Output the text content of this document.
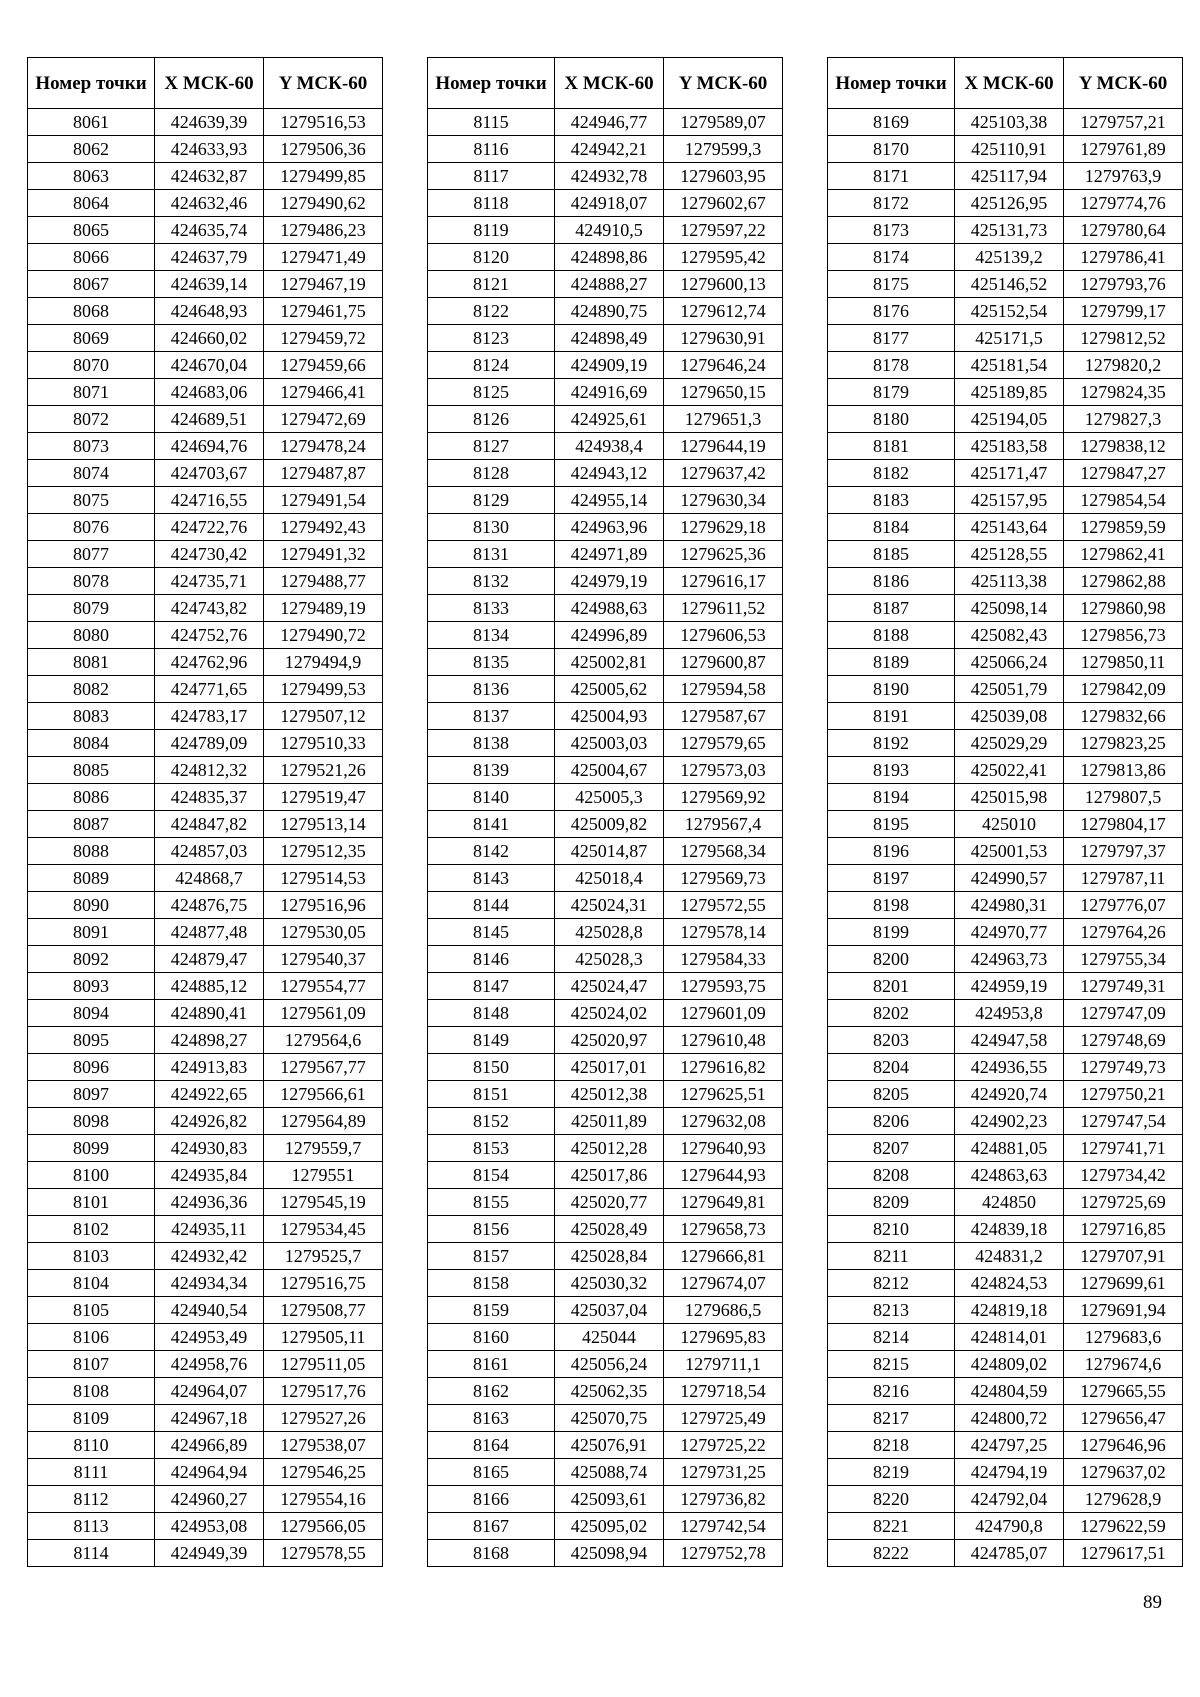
Номер точки	X МСК-60	Y МСК-60
8061	424639,39	1279516,53
8062	424633,93	1279506,36
8063	424632,87	1279499,85
8064	424632,46	1279490,62
8065	424635,74	1279486,23
8066	424637,79	1279471,49
8067	424639,14	1279467,19
8068	424648,93	1279461,75
8069	424660,02	1279459,72
8070	424670,04	1279459,66
8071	424683,06	1279466,41
8072	424689,51	1279472,69
8073	424694,76	1279478,24
8074	424703,67	1279487,87
8075	424716,55	1279491,54
8076	424722,76	1279492,43
8077	424730,42	1279491,32
8078	424735,71	1279488,77
8079	424743,82	1279489,19
8080	424752,76	1279490,72
8081	424762,96	1279494,9
8082	424771,65	1279499,53
8083	424783,17	1279507,12
8084	424789,09	1279510,33
8085	424812,32	1279521,26
8086	424835,37	1279519,47
8087	424847,82	1279513,14
8088	424857,03	1279512,35
8089	424868,7	1279514,53
8090	424876,75	1279516,96
8091	424877,48	1279530,05
8092	424879,47	1279540,37
8093	424885,12	1279554,77
8094	424890,41	1279561,09
8095	424898,27	1279564,6
8096	424913,83	1279567,77
8097	424922,65	1279566,61
8098	424926,82	1279564,89
8099	424930,83	1279559,7
8100	424935,84	1279551
8101	424936,36	1279545,19
8102	424935,11	1279534,45
8103	424932,42	1279525,7
8104	424934,34	1279516,75
8105	424940,54	1279508,77
8106	424953,49	1279505,11
8107	424958,76	1279511,05
8108	424964,07	1279517,76
8109	424967,18	1279527,26
8110	424966,89	1279538,07
8111	424964,94	1279546,25
8112	424960,27	1279554,16
8113	424953,08	1279566,05
8114	424949,39	1279578,55
Номер точки	X МСК-60	Y МСК-60
8115	424946,77	1279589,07
8116	424942,21	1279599,3
8117	424932,78	1279603,95
8118	424918,07	1279602,67
8119	424910,5	1279597,22
8120	424898,86	1279595,42
8121	424888,27	1279600,13
8122	424890,75	1279612,74
8123	424898,49	1279630,91
8124	424909,19	1279646,24
8125	424916,69	1279650,15
8126	424925,61	1279651,3
8127	424938,4	1279644,19
8128	424943,12	1279637,42
8129	424955,14	1279630,34
8130	424963,96	1279629,18
8131	424971,89	1279625,36
8132	424979,19	1279616,17
8133	424988,63	1279611,52
8134	424996,89	1279606,53
8135	425002,81	1279600,87
8136	425005,62	1279594,58
8137	425004,93	1279587,67
8138	425003,03	1279579,65
8139	425004,67	1279573,03
8140	425005,3	1279569,92
8141	425009,82	1279567,4
8142	425014,87	1279568,34
8143	425018,4	1279569,73
8144	425024,31	1279572,55
8145	425028,8	1279578,14
8146	425028,3	1279584,33
8147	425024,47	1279593,75
8148	425024,02	1279601,09
8149	425020,97	1279610,48
8150	425017,01	1279616,82
8151	425012,38	1279625,51
8152	425011,89	1279632,08
8153	425012,28	1279640,93
8154	425017,86	1279644,93
8155	425020,77	1279649,81
8156	425028,49	1279658,73
8157	425028,84	1279666,81
8158	425030,32	1279674,07
8159	425037,04	1279686,5
8160	425044	1279695,83
8161	425056,24	1279711,1
8162	425062,35	1279718,54
8163	425070,75	1279725,49
8164	425076,91	1279725,22
8165	425088,74	1279731,25
8166	425093,61	1279736,82
8167	425095,02	1279742,54
8168	425098,94	1279752,78
Номер точки	X МСК-60	Y МСК-60
8169	425103,38	1279757,21
8170	425110,91	1279761,89
8171	425117,94	1279763,9
8172	425126,95	1279774,76
8173	425131,73	1279780,64
8174	425139,2	1279786,41
8175	425146,52	1279793,76
8176	425152,54	1279799,17
8177	425171,5	1279812,52
8178	425181,54	1279820,2
8179	425189,85	1279824,35
8180	425194,05	1279827,3
8181	425183,58	1279838,12
8182	425171,47	1279847,27
8183	425157,95	1279854,54
8184	425143,64	1279859,59
8185	425128,55	1279862,41
8186	425113,38	1279862,88
8187	425098,14	1279860,98
8188	425082,43	1279856,73
8189	425066,24	1279850,11
8190	425051,79	1279842,09
8191	425039,08	1279832,66
8192	425029,29	1279823,25
8193	425022,41	1279813,86
8194	425015,98	1279807,5
8195	425010	1279804,17
8196	425001,53	1279797,37
8197	424990,57	1279787,11
8198	424980,31	1279776,07
8199	424970,77	1279764,26
8200	424963,73	1279755,34
8201	424959,19	1279749,31
8202	424953,8	1279747,09
8203	424947,58	1279748,69
8204	424936,55	1279749,73
8205	424920,74	1279750,21
8206	424902,23	1279747,54
8207	424881,05	1279741,71
8208	424863,63	1279734,42
8209	424850	1279725,69
8210	424839,18	1279716,85
8211	424831,2	1279707,91
8212	424824,53	1279699,61
8213	424819,18	1279691,94
8214	424814,01	1279683,6
8215	424809,02	1279674,6
8216	424804,59	1279665,55
8217	424800,72	1279656,47
8218	424797,25	1279646,96
8219	424794,19	1279637,02
8220	424792,04	1279628,9
8221	424790,8	1279622,59
8222	424785,07	1279617,51
89
